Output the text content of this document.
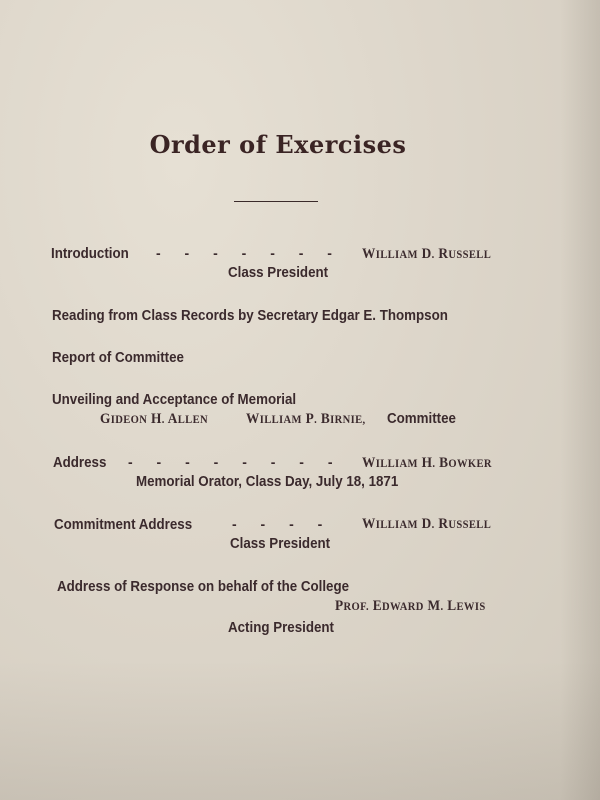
Order of Exercises
Introduction - - - - - - - WILLIAM D. RUSSELL
Class President
Reading from Class Records by Secretary Edgar E. Thompson
Report of Committee
Unveiling and Acceptance of Memorial
GIDEON H. ALLEN	WILLIAM P. BIRNIE, Committee
Address - - - - - - - - WILLIAM H. BOWKER
Memorial Orator, Class Day, July 18, 1871
Commitment Address	- - - -	WILLIAM D. RUSSELL
Class President
Address of Response on behalf of the College
PROF. EDWARD M. LEWIS
Acting President
